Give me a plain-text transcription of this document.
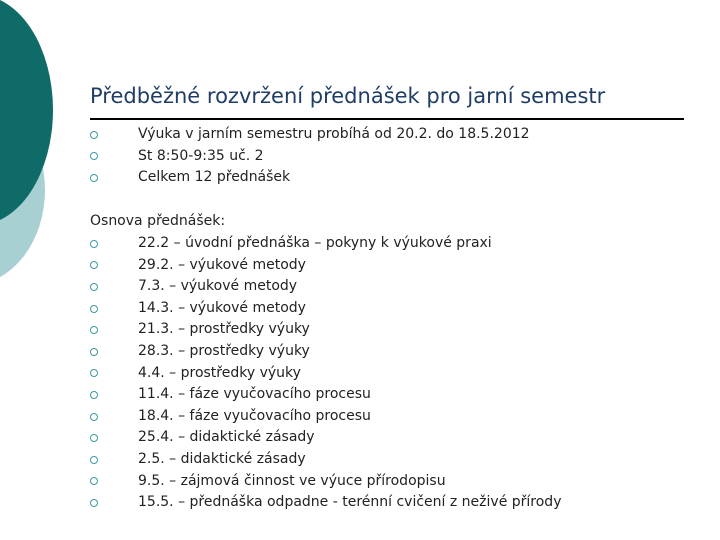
Předběžné rozvržení přednášek pro jarní semestr
Výuka v jarním semestru probíhá od 20.2. do 18.5.2012
St 8:50-9:35 uč. 2
Celkem 12 přednášek
Osnova přednášek:
22.2 – úvodní přednáška – pokyny k výukové praxi
29.2. – výukové metody
7.3. – výukové metody
14.3. – výukové metody
21.3. – prostředky výuky
28.3. – prostředky výuky
4.4. – prostředky výuky
11.4. – fáze vyučovacího procesu
18.4. – fáze vyučovacího procesu
25.4. – didaktické zásady
2.5. – didaktické zásady
9.5. – zájmová činnost ve výuce přírodopisu
15.5. – přednáška odpadne - terénní cvičení z neživé přírody
